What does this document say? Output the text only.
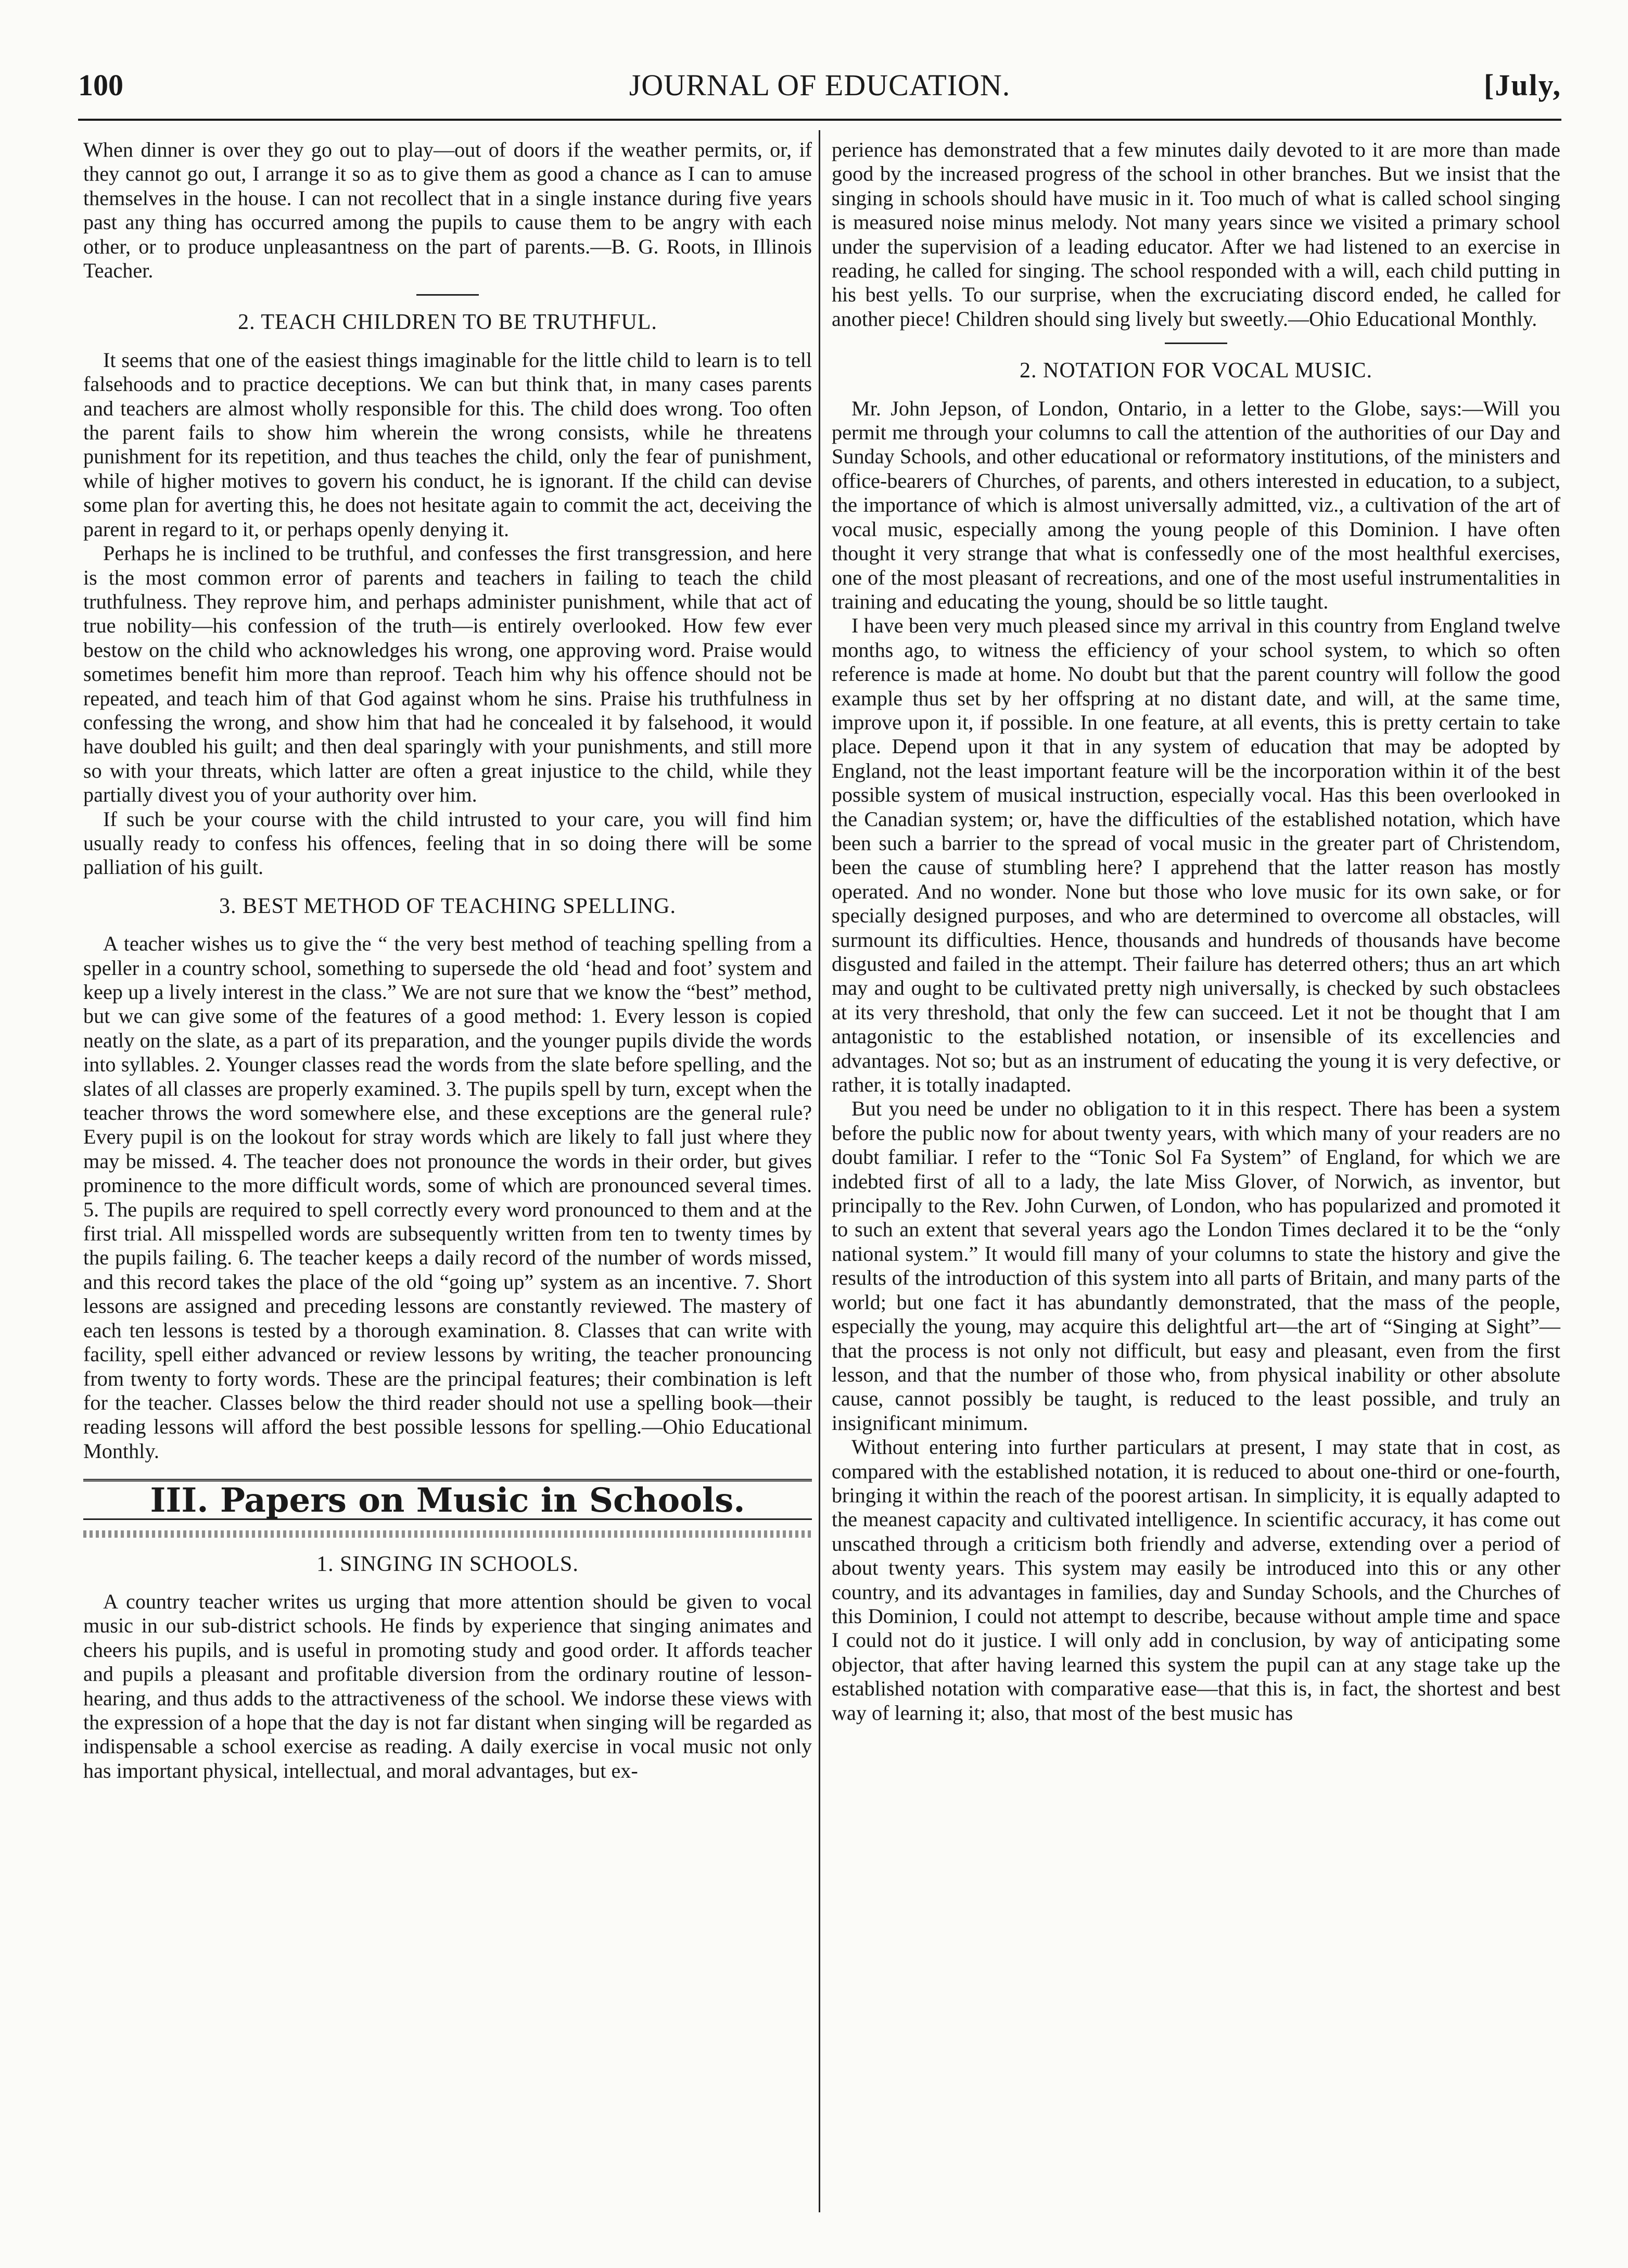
100	JOURNAL OF EDUCATION.	[July,

When dinner is over they go out to play—out of doors if the weather permits, or, if they cannot go out, I arrange it so as to give them as good a chance as I can to amuse themselves in the house. I can not recollect that in a single instance during five years past any thing has occurred among the pupils to cause them to be angry with each other, or to produce unpleasantness on the part of parents.—B. G. Roots, in Illinois Teacher.

2. TEACH CHILDREN TO BE TRUTHFUL.

It seems that one of the easiest things imaginable for the little child to learn is to tell falsehoods and to practice deceptions. We can but think that, in many cases parents and teachers are almost wholly responsible for this. The child does wrong. Too often the parent fails to show him wherein the wrong consists, while he threatens punishment for its repetition, and thus teaches the child, only the fear of punishment, while of higher motives to govern his conduct, he is ignorant. If the child can devise some plan for averting this, he does not hesitate again to commit the act, deceiving the parent in regard to it, or perhaps openly denying it.

Perhaps he is inclined to be truthful, and confesses the first transgression, and here is the most common error of parents and teachers in failing to teach the child truthfulness. They reprove him, and perhaps administer punishment, while that act of true nobility—his confession of the truth—is entirely overlooked. How few ever bestow on the child who acknowledges his wrong, one approving word. Praise would sometimes benefit him more than reproof. Teach him why his offence should not be repeated, and teach him of that God against whom he sins. Praise his truthfulness in confessing the wrong, and show him that had he concealed it by falsehood, it would have doubled his guilt; and then deal sparingly with your punishments, and still more so with your threats, which latter are often a great injustice to the child, while they partially divest you of your authority over him.

If such be your course with the child intrusted to your care, you will find him usually ready to confess his offences, feeling that in so doing there will be some palliation of his guilt.

3. BEST METHOD OF TEACHING SPELLING.

A teacher wishes us to give the “ the very best method of teaching spelling from a speller in a country school, something to supersede the old ‘head and foot’ system and keep up a lively interest in the class.” We are not sure that we know the “best” method, but we can give some of the features of a good method: 1. Every lesson is copied neatly on the slate, as a part of its preparation, and the younger pupils divide the words into syllables. 2. Younger classes read the words from the slate before spelling, and the slates of all classes are properly examined. 3. The pupils spell by turn, except when the teacher throws the word somewhere else, and these exceptions are the general rule? Every pupil is on the lookout for stray words which are likely to fall just where they may be missed. 4. The teacher does not pronounce the words in their order, but gives prominence to the more difficult words, some of which are pronounced several times. 5. The pupils are required to spell correctly every word pronounced to them and at the first trial. All misspelled words are subsequently written from ten to twenty times by the pupils failing. 6. The teacher keeps a daily record of the number of words missed, and this record takes the place of the old “going up” system as an incentive. 7. Short lessons are assigned and preceding lessons are constantly reviewed. The mastery of each ten lessons is tested by a thorough examination. 8. Classes that can write with facility, spell either advanced or review lessons by writing, the teacher pronouncing from twenty to forty words. These are the principal features; their combination is left for the teacher. Classes below the third reader should not use a spelling book—their reading lessons will afford the best possible lessons for spelling.—Ohio Educational Monthly.

III. Papers on Music in Schools.
1. SINGING IN SCHOOLS.

A country teacher writes us urging that more attention should be given to vocal music in our sub-district schools. He finds by experience that singing animates and cheers his pupils, and is useful in promoting study and good order. It affords teacher and pupils a pleasant and profitable diversion from the ordinary routine of lesson-hearing, and thus adds to the attractiveness of the school. We indorse these views with the expression of a hope that the day is not far distant when singing will be regarded as indispensable a school exercise as reading. A daily exercise in vocal music not only has important physical, intellectual, and moral advantages, but ex-

perience has demonstrated that a few minutes daily devoted to it are more than made good by the increased progress of the school in other branches. But we insist that the singing in schools should have music in it. Too much of what is called school singing is measured noise minus melody. Not many years since we visited a primary school under the supervision of a leading educator. After we had listened to an exercise in reading, he called for singing. The school responded with a will, each child putting in his best yells. To our surprise, when the excruciating discord ended, he called for another piece! Children should sing lively but sweetly.—Ohio Educational Monthly.

2. NOTATION FOR VOCAL MUSIC.

Mr. John Jepson, of London, Ontario, in a letter to the Globe, says:—Will you permit me through your columns to call the attention of the authorities of our Day and Sunday Schools, and other educational or reformatory institutions, of the ministers and office-bearers of Churches, of parents, and others interested in education, to a subject, the importance of which is almost universally admitted, viz., a cultivation of the art of vocal music, especially among the young people of this Dominion. I have often thought it very strange that what is confessedly one of the most healthful exercises, one of the most pleasant of recreations, and one of the most useful instrumentalities in training and educating the young, should be so little taught.

I have been very much pleased since my arrival in this country from England twelve months ago, to witness the efficiency of your school system, to which so often reference is made at home. No doubt but that the parent country will follow the good example thus set by her offspring at no distant date, and will, at the same time, improve upon it, if possible. In one feature, at all events, this is pretty certain to take place. Depend upon it that in any system of education that may be adopted by England, not the least important feature will be the incorporation within it of the best possible system of musical instruction, especially vocal. Has this been overlooked in the Canadian system; or, have the difficulties of the established notation, which have been such a barrier to the spread of vocal music in the greater part of Christendom, been the cause of stumbling here? I apprehend that the latter reason has mostly operated. And no wonder. None but those who love music for its own sake, or for specially designed purposes, and who are determined to overcome all obstacles, will surmount its difficulties. Hence, thousands and hundreds of thousands have become disgusted and failed in the attempt. Their failure has deterred others; thus an art which may and ought to be cultivated pretty nigh universally, is checked by such obstaclees at its very threshold, that only the few can succeed. Let it not be thought that I am antagonistic to the established notation, or insensible of its excellencies and advantages. Not so; but as an instrument of educating the young it is very defective, or rather, it is totally inadapted.

But you need be under no obligation to it in this respect. There has been a system before the public now for about twenty years, with which many of your readers are no doubt familiar. I refer to the “Tonic Sol Fa System” of England, for which we are indebted first of all to a lady, the late Miss Glover, of Norwich, as inventor, but principally to the Rev. John Curwen, of London, who has popularized and promoted it to such an extent that several years ago the London Times declared it to be the “only national system.” It would fill many of your columns to state the history and give the results of the introduction of this system into all parts of Britain, and many parts of the world; but one fact it has abundantly demonstrated, that the mass of the people, especially the young, may acquire this delightful art—the art of “Singing at Sight”—that the process is not only not difficult, but easy and pleasant, even from the first lesson, and that the number of those who, from physical inability or other absolute cause, cannot possibly be taught, is reduced to the least possible, and truly an insignificant minimum.

Without entering into further particulars at present, I may state that in cost, as compared with the established notation, it is reduced to about one-third or one-fourth, bringing it within the reach of the poorest artisan. In simplicity, it is equally adapted to the meanest capacity and cultivated intelligence. In scientific accuracy, it has come out unscathed through a criticism both friendly and adverse, extending over a period of about twenty years. This system may easily be introduced into this or any other country, and its advantages in families, day and Sunday Schools, and the Churches of this Dominion, I could not attempt to describe, because without ample time and space I could not do it justice. I will only add in conclusion, by way of anticipating some objector, that after having learned this system the pupil can at any stage take up the established notation with comparative ease—that this is, in fact, the shortest and best way of learning it; also, that most of the best music has
